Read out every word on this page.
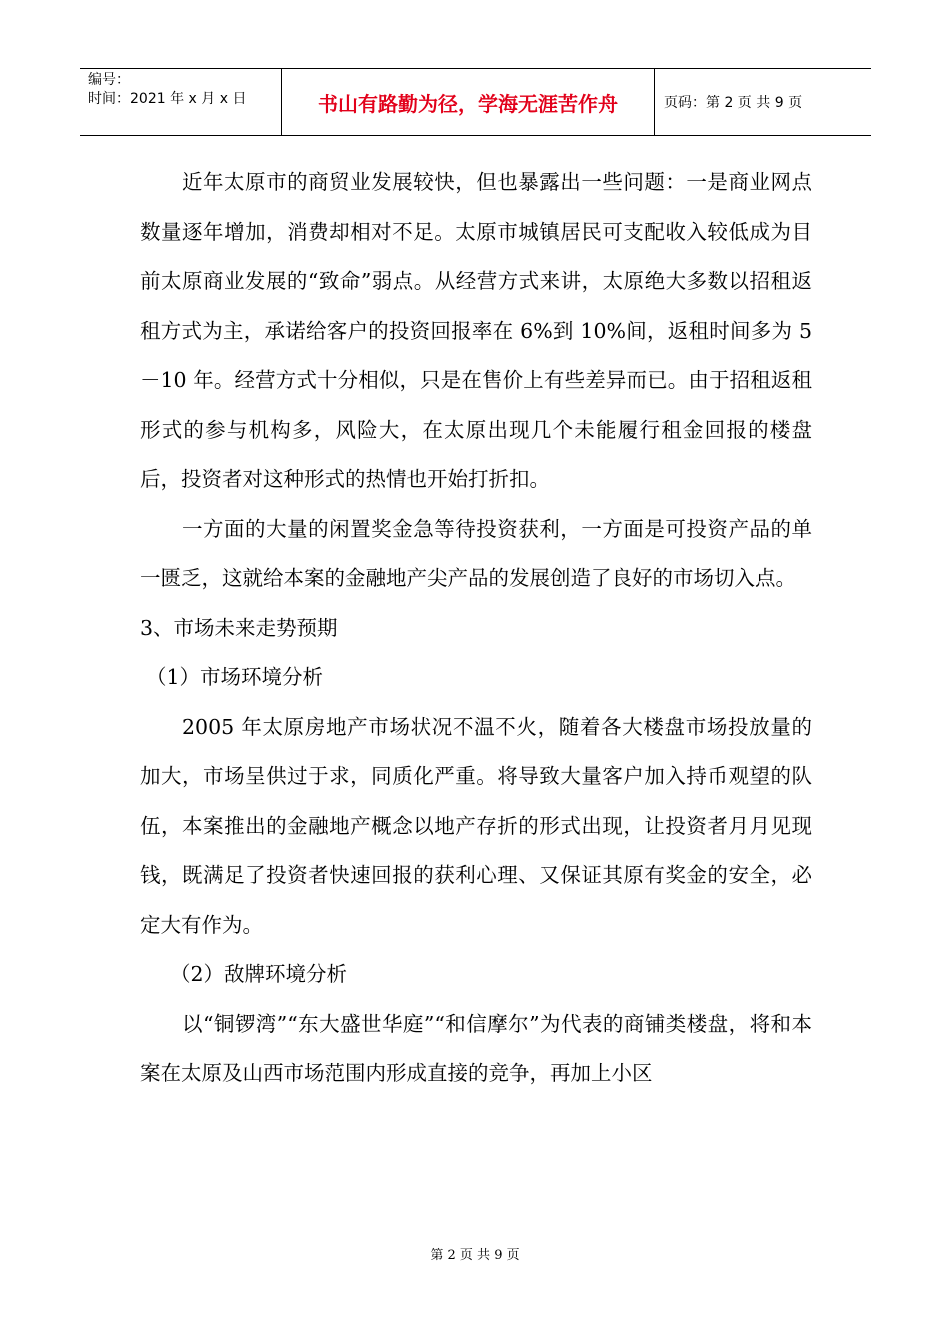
编号：
时间：2021 年 x 月 x 日	书山有路勤为径，学海无涯苦作舟	页码：第 2 页 共 9 页

近年太原市的商贸业发展较快，但也暴露出一些问题：一是商业网点数量逐年增加，消费却相对不足。太原市城镇居民可支配收入较低成为目前太原商业发展的“致命”弱点。从经营方式来讲，太原绝大多数以招租返租方式为主，承诺给客户的投资回报率在 6%到 10%间，返租时间多为 5－10 年。经营方式十分相似，只是在售价上有些差异而已。由于招租返租形式的参与机构多，风险大，在太原出现几个未能履行租金回报的楼盘后，投资者对这种形式的热情也开始打折扣。

一方面的大量的闲置奖金急等待投资获利，一方面是可投资产品的单一匮乏，这就给本案的金融地产尖产品的发展创造了良好的市场切入点。

3、市场未来走势预期

（1）市场环境分析

2005 年太原房地产市场状况不温不火，随着各大楼盘市场投放量的加大，市场呈供过于求，同质化严重。将导致大量客户加入持币观望的队伍，本案推出的金融地产概念以地产存折的形式出现，让投资者月月见现钱，既满足了投资者快速回报的获利心理、又保证其原有奖金的安全，必定大有作为。

（2）敌牌环境分析

以“铜锣湾”“东大盛世华庭”“和信摩尔”为代表的商铺类楼盘，将和本案在太原及山西市场范围内形成直接的竞争，再加上小区

第 2 页 共 9 页
